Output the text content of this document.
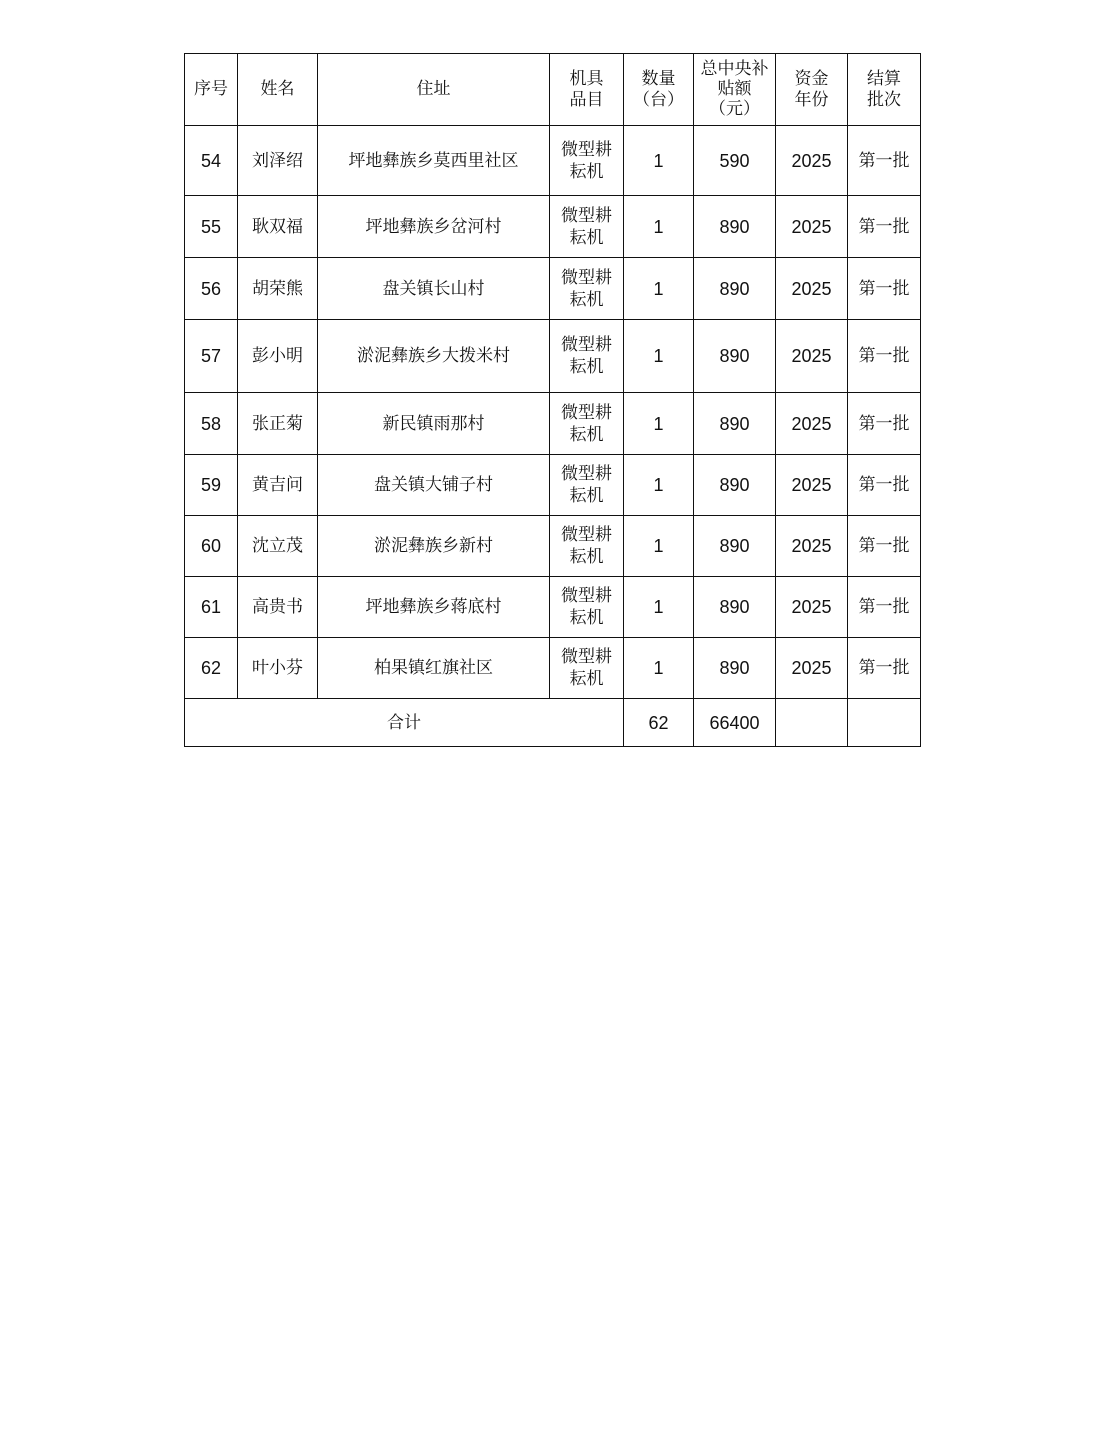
序号	姓名	住址	机具品目	数量（台）	总中央补贴额（元）	资金年份	结算批次
54	刘泽绍	坪地彝族乡莫西里社区	微型耕耘机	1	590	2025	第一批
55	耿双福	坪地彝族乡岔河村	微型耕耘机	1	890	2025	第一批
56	胡荣熊	盘关镇长山村	微型耕耘机	1	890	2025	第一批
57	彭小明	淤泥彝族乡大拨米村	微型耕耘机	1	890	2025	第一批
58	张正菊	新民镇雨那村	微型耕耘机	1	890	2025	第一批
59	黄吉问	盘关镇大铺子村	微型耕耘机	1	890	2025	第一批
60	沈立茂	淤泥彝族乡新村	微型耕耘机	1	890	2025	第一批
61	高贵书	坪地彝族乡蒋底村	微型耕耘机	1	890	2025	第一批
62	叶小芬	柏果镇红旗社区	微型耕耘机	1	890	2025	第一批
合计				62	66400		
